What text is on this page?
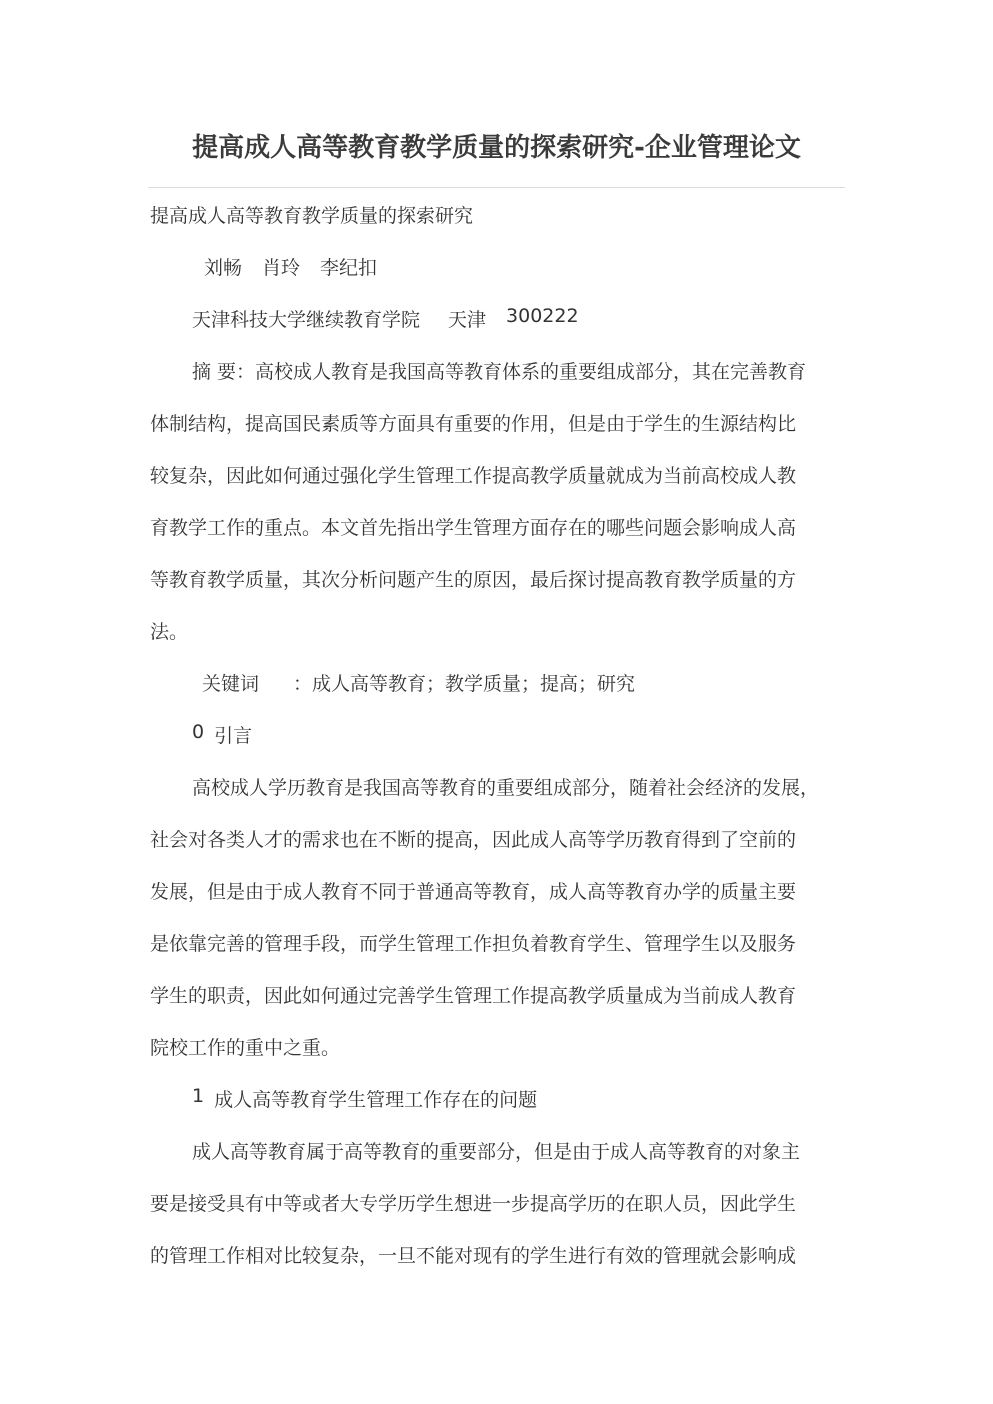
提高成人高等教育教学质量的探索研究-企业管理论文
提高成人高等教育教学质量的探索研究
刘畅 肖玲 李纪扣
天津科技大学继续教育学院 天津 300222
摘 要：高校成人教育是我国高等教育体系的重要组成部分，其在完善教育
体制结构，提高国民素质等方面具有重要的作用，但是由于学生的生源结构比
较复杂，因此如何通过强化学生管理工作提高教学质量就成为当前高校成人教
育教学工作的重点。本文首先指出学生管理方面存在的哪些问题会影响成人高
等教育教学质量，其次分析问题产生的原因，最后探讨提高教育教学质量的方
法。
关键词 ：成人高等教育；教学质量；提高；研究
0 引言
高校成人学历教育是我国高等教育的重要组成部分，随着社会经济的发展，
社会对各类人才的需求也在不断的提高，因此成人高等学历教育得到了空前的
发展，但是由于成人教育不同于普通高等教育，成人高等教育办学的质量主要
是依靠完善的管理手段，而学生管理工作担负着教育学生、管理学生以及服务
学生的职责，因此如何通过完善学生管理工作提高教学质量成为当前成人教育
院校工作的重中之重。
1 成人高等教育学生管理工作存在的问题
成人高等教育属于高等教育的重要部分，但是由于成人高等教育的对象主
要是接受具有中等或者大专学历学生想进一步提高学历的在职人员，因此学生
的管理工作相对比较复杂，一旦不能对现有的学生进行有效的管理就会影响成
